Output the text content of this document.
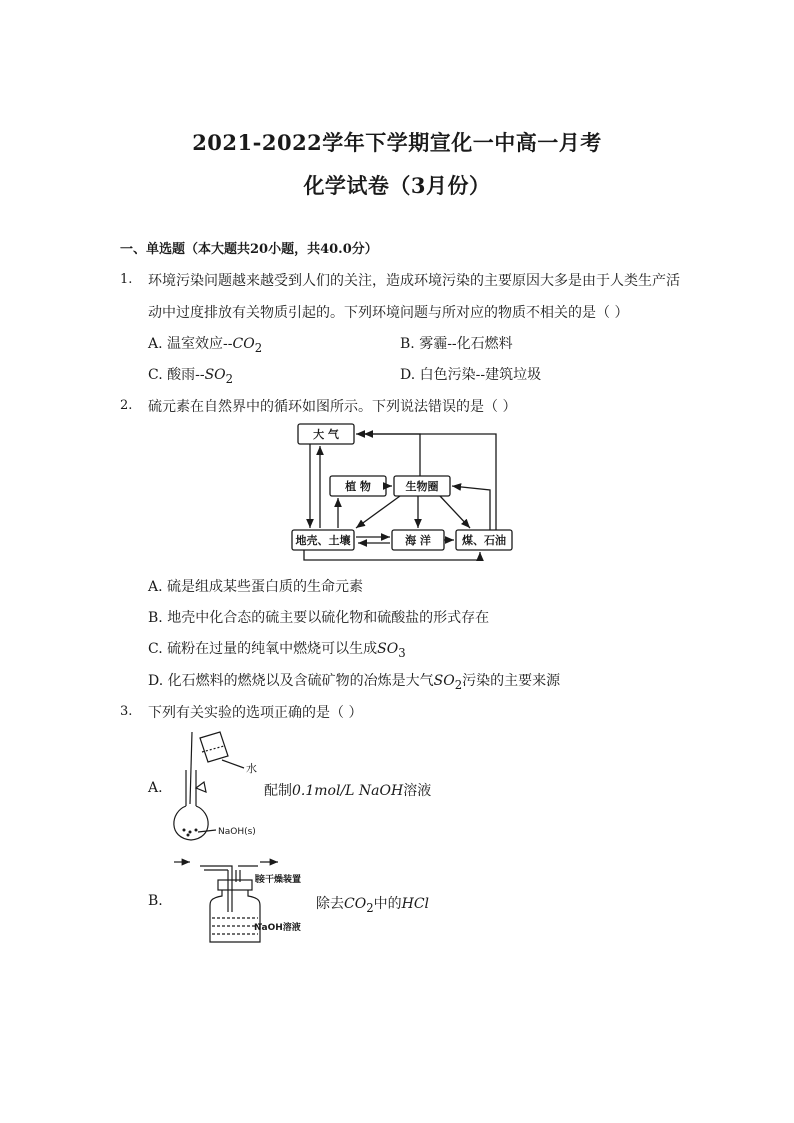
2021-2022学年下学期宣化一中高一月考
化学试卷（3月份）
一、单选题（本大题共20小题，共40.0分）
1. 环境污染问题越来越受到人们的关注，造成环境污染的主要原因大多是由于人类生产活
动中过度排放有关物质引起的。下列环境问题与所对应的物质不相关的是（ ）
A. 温室效应$--CO_2$	B. 雾霾--化石燃料
C. 酸雨$--SO_2$	D. 白色污染--建筑垃圾
2. 硫元素在自然界中的循环如图所示。下列说法错误的是（ ）
大 气
植 物	生物圈
地壳、土壤	海 洋	煤、石油
A. 硫是组成某些蛋白质的生命元素
B. 地壳中化合态的硫主要以硫化物和硫酸盐的形式存在
C. 硫粉在过量的纯氧中燃烧可以生成$SO_3$
D. 化石燃料的燃烧以及含硫矿物的冶炼是大气$SO_2$污染的主要来源
3. 下列有关实验的选项正确的是（ ）
A.
水
NaOH(s)
配制0.1mol/L NaOH溶液
B.
接干燥装置
NaOH溶液
除去$CO_2$中的HCl
